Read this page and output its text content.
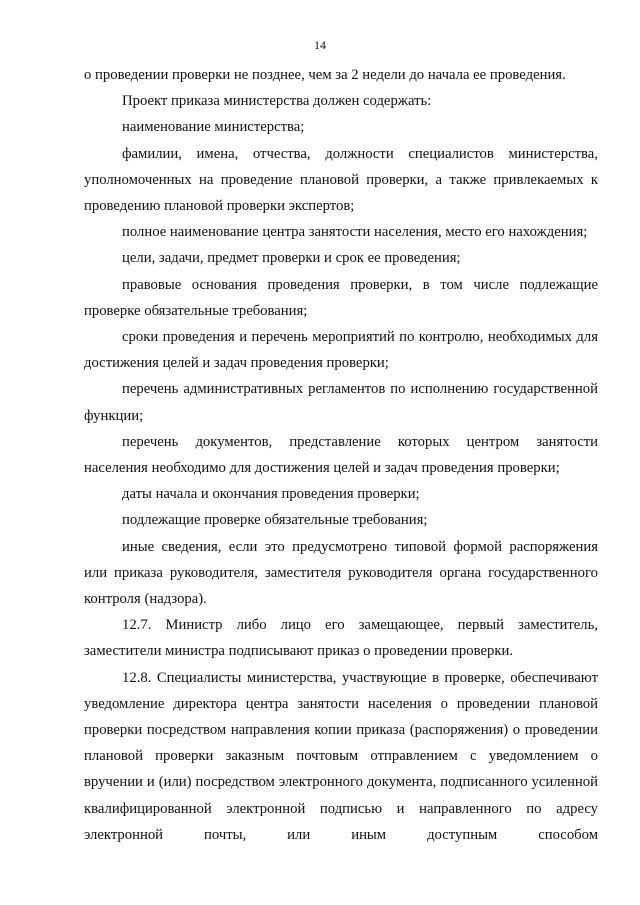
14

о проведении проверки не позднее, чем за 2 недели до начала ее проведения.

Проект приказа министерства должен содержать:

наименование министерства;

фамилии, имена, отчества, должности специалистов министерства, уполномоченных на проведение плановой проверки, а также привлекаемых к проведению плановой проверки экспертов;

полное наименование центра занятости населения, место его нахождения;

цели, задачи, предмет проверки и срок ее проведения;

правовые основания проведения проверки, в том числе подлежащие проверке обязательные требования;

сроки проведения и перечень мероприятий по контролю, необходимых для достижения целей и задач проведения проверки;

перечень административных регламентов по исполнению государственной функции;

перечень документов, представление которых центром занятости населения необходимо для достижения целей и задач проведения проверки;

даты начала и окончания проведения проверки;

подлежащие проверке обязательные требования;

иные сведения, если это предусмотрено типовой формой распоряжения или приказа руководителя, заместителя руководителя органа государственного контроля (надзора).

12.7. Министр либо лицо его замещающее, первый заместитель, заместители министра подписывают приказ о проведении проверки.

12.8. Специалисты министерства, участвующие в проверке, обеспечивают уведомление директора центра занятости населения о проведении плановой проверки посредством направления копии приказа (распоряжения) о проведении плановой проверки заказным почтовым отправлением с уведомлением о вручении и (или) посредством электронного документа, подписанного усиленной квалифицированной электронной подписью и направленного по адресу электронной почты, или иным доступным способом
